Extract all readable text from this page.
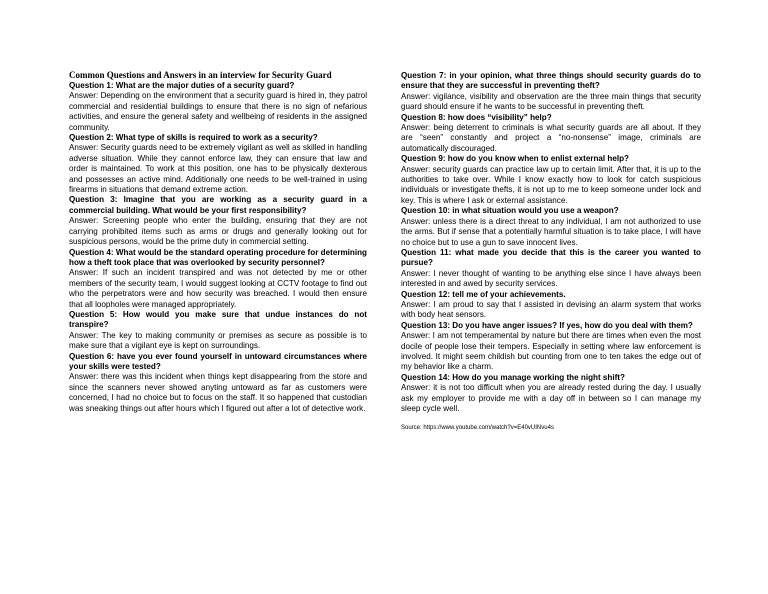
Common Questions and Answers in an interview for Security Guard

Question 1: What are the major duties of a security guard?

Answer: Depending on the environment that a security guard is hired in, they patrol commercial and residential buildings to ensure that there is no sign of nefarious activities, and ensure the general safety and wellbeing of residents in the assigned community.

Question 2: What type of skills is required to work as a security?

Answer: Security guards need to be extremely vigilant as well as skilled in handling adverse situation. While they cannot enforce law, they can ensure that law and order is maintained. To work at this position, one has to be physically dexterous and possesses an active mind. Additionally one needs to be well-trained in using firearms in situations that demand extreme action.

Question 3: Imagine that you are working as a security guard in a commercial building. What would be your first responsibility?

Answer: Screening people who enter the building, ensuring that they are not carrying prohibited items such as arms or drugs and generally looking out for suspicious persons, would be the prime duty in commercial setting.

Question 4: What would be the standard operating procedure for determining how a theft took place that was overlooked by security personnel?

Answer: If such an incident transpired and was not detected by me or other members of the security team, I would suggest looking at CCTV footage to find out who the perpetrators were and how security was breached. I would then ensure that all loopholes were managed appropriately.

Question 5: How would you make sure that undue instances do not transpire?

Answer: The key to making community or premises as secure as possible is to make sure that a vigilant eye is kept on surroundings.

Question 6: have you ever found yourself in untoward circumstances where your skills were tested?

Answer: there was this incident when things kept disappearing from the store and since the scanners never showed anyting untoward as far as customers were concerned, I had no choice but to focus on the staff. It so happened that custodian was sneaking things out after hours which I figured out after a lot of detective work.

Question 7: in your opinion, what three things should security guards do to ensure that they are successful in preventing theft?

Answer: vigilance, visibility and observation are the three main things that security guard should ensure if he wants to be successful in preventing theft.

Question 8: how does “visibility” help?

Answer: being deterrent to criminals is what security guards are all about. If they are “seen” constantly and project a “no-nonsense” image, criminals are automatically discouraged.

Question 9: how do you know when to enlist external help?

Answer: security guards can practice law up to certain limit. After that, it is up to the authorities to take over. While I know exactly how to look for catch suspicious individuals or investigate thefts, it is not up to me to keep someone under lock and key. This is where I ask or external assistance.

Question 10: in what situation would you use a weapon?

Answer: unless there is a direct threat to any individual, I am not authorized to use the arms. But if sense that a potentially harmful situation is to take place, I will have no choice but to use a gun to save innocent lives.

Question 11: what made you decide that this is the career you wanted to pursue?

Answer: I never thought of wanting to be anything else since I have always been interested in and awed by security services.

Question 12: tell me of your achievements.

Answer: I am proud to say that I assisted in devising an alarm system that works with body heat sensors.

Question 13: Do you have anger issues? If yes, how do you deal with them?

Answer: I am not temperamental by nature but there are times when even the most docile of people lose their tempers. Especially in setting where law enforcement is involved. It might seem childish but counting from one to ten takes the edge out of my behavior like a charm.

Question 14: How do you manage working the night shift?

Answer: it is not too difficult when you are already rested during the day. I usually ask my employer to provide me with a day off in between so I can manage my sleep cycle well.

Source: https://www.youtube.com/watch?v=E40vUINvu4s
